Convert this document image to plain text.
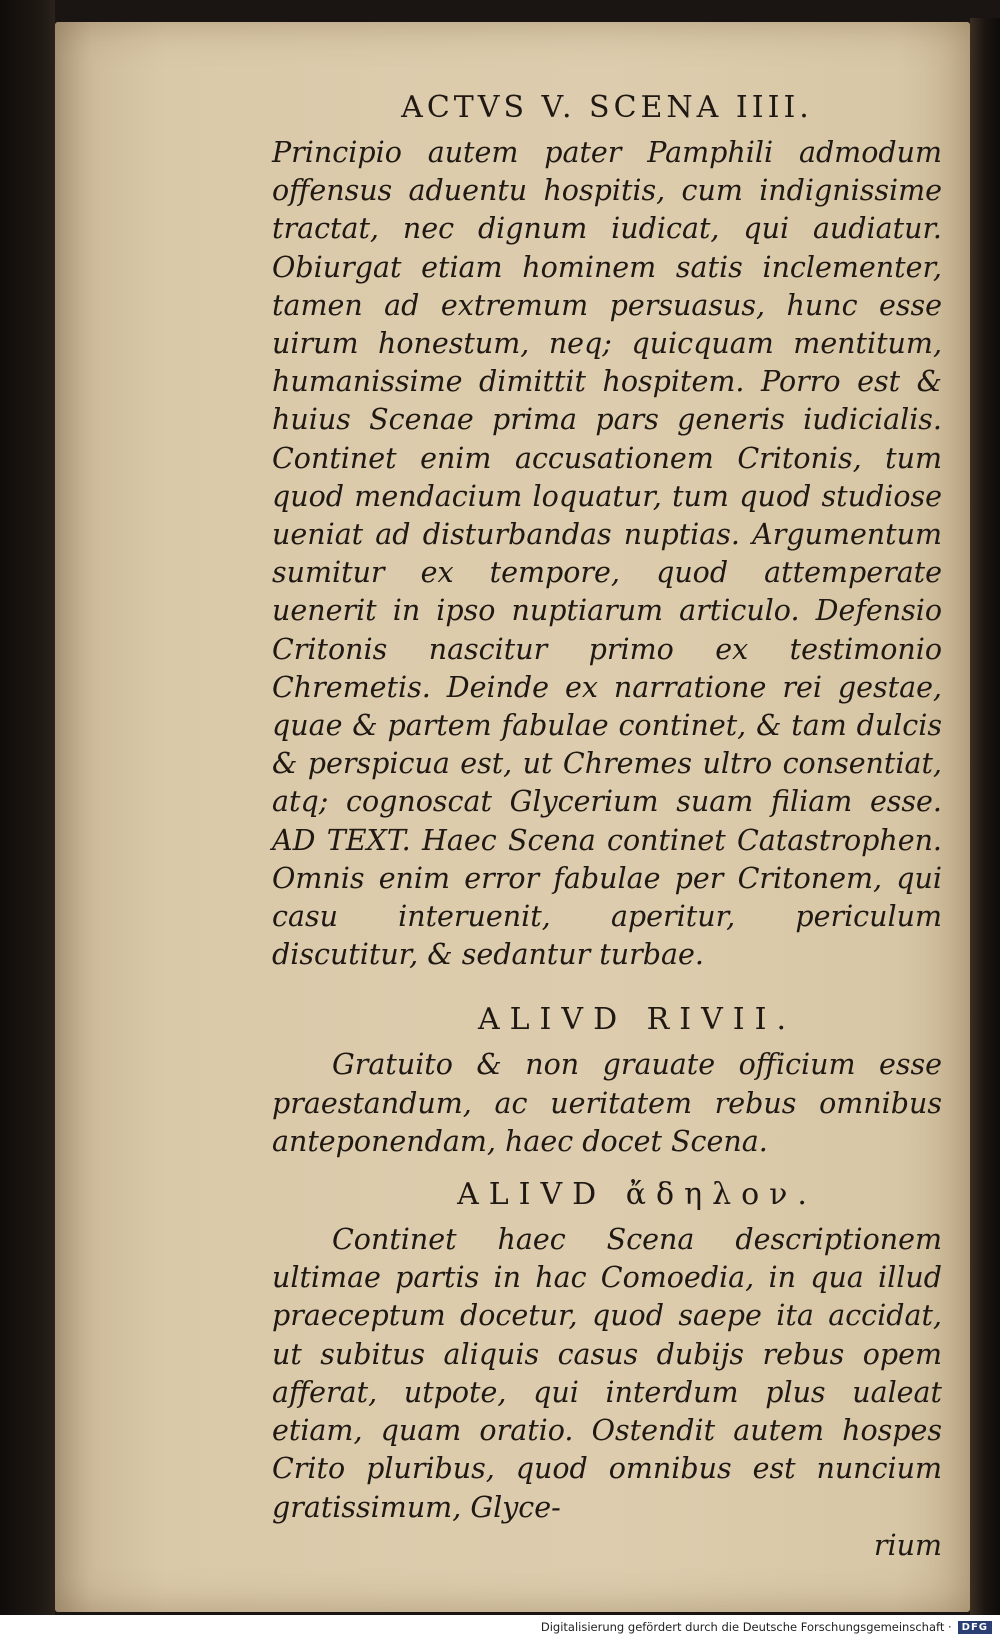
ACTVS V. SCENA IIII.

Principio autem pater Pamphili admodum offensus aduentu hospitis, cum indignissime tractat, nec dignum iudicat, qui audiatur. Obiurgat etiam hominem satis inclementer, tamen ad extremum persuasus, hunc esse uirum honestum, neq; quicquam mentitum, humanissime dimittit hospitem. Porro est & huius Scenae prima pars generis iudicialis. Continet enim accusationem Critonis, tum quod mendacium loquatur, tum quod studiose ueniat ad disturbandas nuptias. Argumentum sumitur ex tempore, quod attemperate uenerit in ipso nuptiarum articulo. Defensio Critonis nascitur primo ex testimonio Chremetis. Deinde ex narratione rei gestae, quae & partem fabulae continet, & tam dulcis & perspicua est, ut Chremes ultro consentiat, atq; cognoscat Glycerium suam filiam esse. AD TEXT. Haec Scena continet Catastrophen. Omnis enim error fabulae per Critonem, qui casu interuenit, aperitur, periculum discutitur, & sedantur turbae.

ALIVD RIVII.

Gratuito & non grauate officium esse praestandum, ac ueritatem rebus omnibus anteponendam, haec docet Scena.

ALIVD ἄδηλον.

Continet haec Scena descriptionem ultimae partis in hac Comoedia, in qua illud praeceptum docetur, quod saepe ita accidat, ut subitus aliquis casus dubijs rebus opem afferat, utpote, qui interdum plus ualeat etiam, quam oratio. Ostendit autem hospes Crito pluribus, quod omnibus est nuncium gratissimum, Glyce-

rium

Digitalisierung gefördert durch die Deutsche Forschungsgemeinschaft ·	DFG
